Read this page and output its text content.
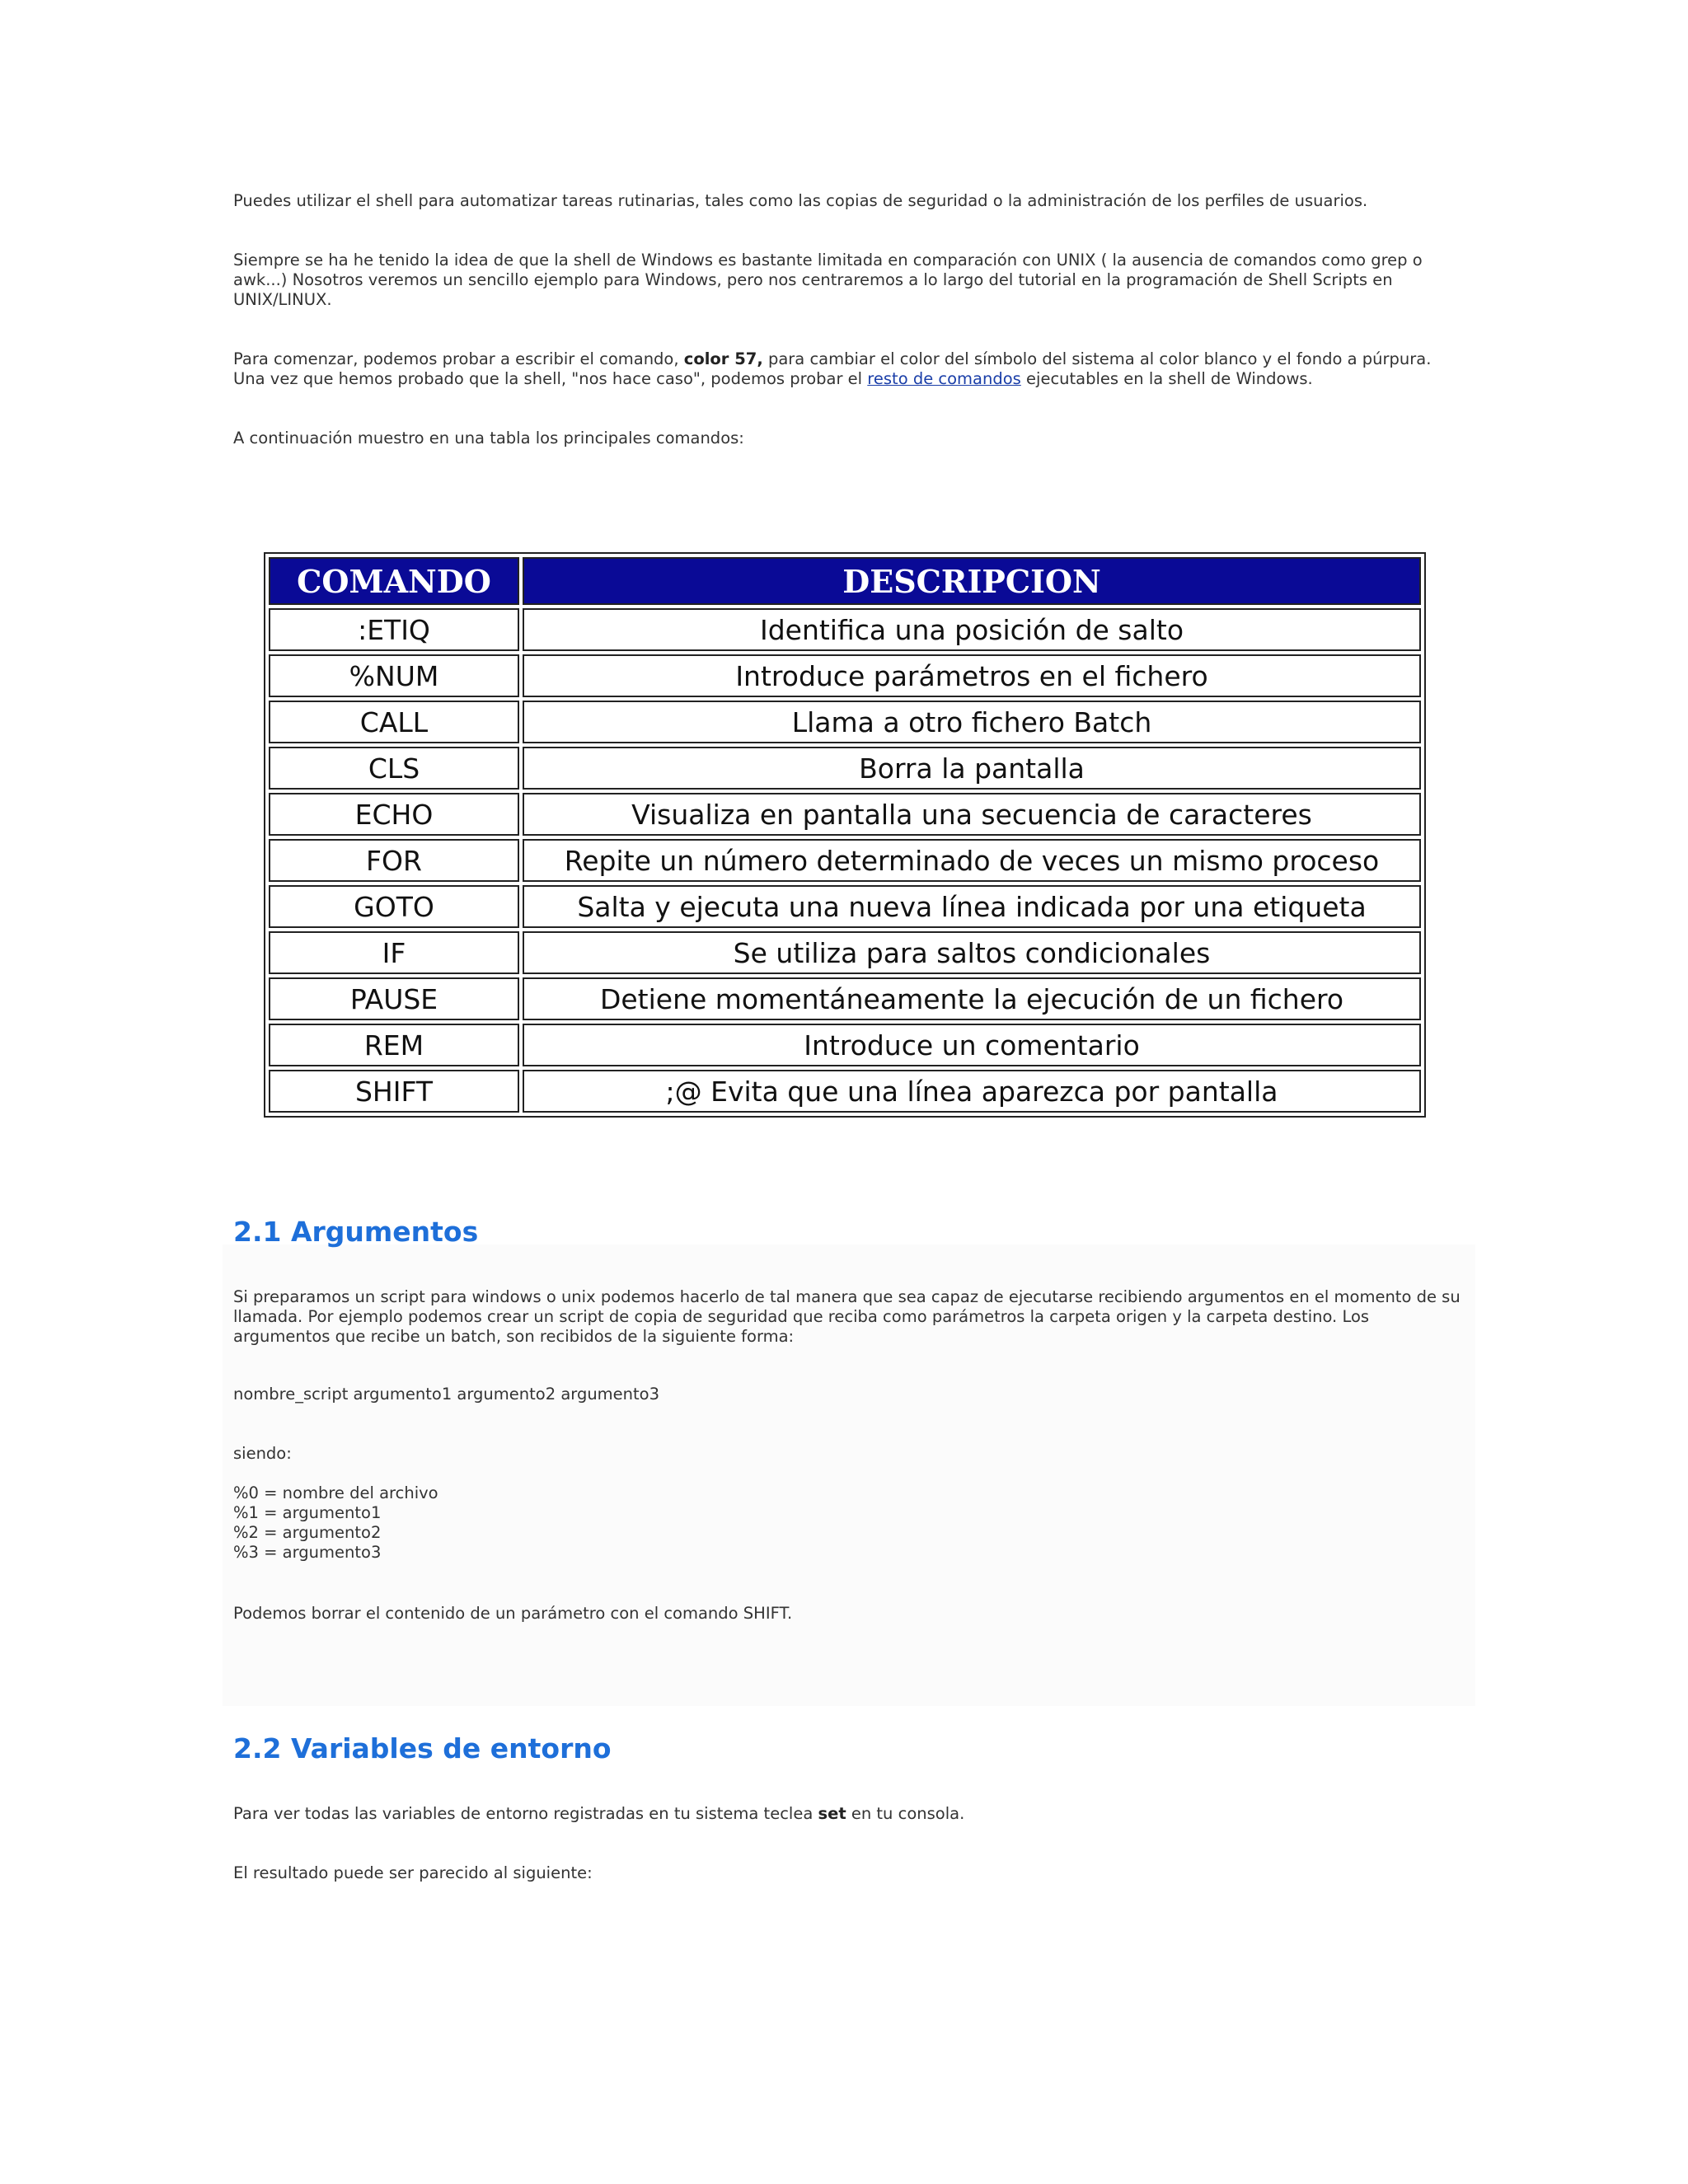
Puedes utilizar el shell para automatizar tareas rutinarias, tales como las copias de seguridad o la administración de los perfiles de usuarios.

Siempre se ha he tenido la idea de que la shell de Windows es bastante limitada en comparación con UNIX ( la ausencia de comandos como grep o awk...) Nosotros veremos un sencillo ejemplo para Windows, pero nos centraremos a lo largo del tutorial en la programación de Shell Scripts en UNIX/LINUX.

Para comenzar, podemos probar a escribir el comando, color 57, para cambiar el color del símbolo del sistema al color blanco y el fondo a púrpura. Una vez que hemos probado que la shell, "nos hace caso", podemos probar el resto de comandos ejecutables en la shell de Windows.

A continuación muestro en una tabla los principales comandos:

COMANDO	DESCRIPCION
:ETIQ	Identifica una posición de salto
%NUM	Introduce parámetros en el fichero
CALL	Llama a otro fichero Batch
CLS	Borra la pantalla
ECHO	Visualiza en pantalla una secuencia de caracteres
FOR	Repite un número determinado de veces un mismo proceso
GOTO	Salta y ejecuta una nueva línea indicada por una etiqueta
IF	Se utiliza para saltos condicionales
PAUSE	Detiene momentáneamente la ejecución de un fichero
REM	Introduce un comentario
SHIFT	;@ Evita que una línea aparezca por pantalla
2.1 Argumentos

Si preparamos un script para windows o unix podemos hacerlo de tal manera que sea capaz de ejecutarse recibiendo argumentos en el momento de su llamada. Por ejemplo podemos crear un script de copia de seguridad que reciba como parámetros la carpeta origen y la carpeta destino. Los argumentos que recibe un batch, son recibidos de la siguiente forma:

nombre_script argumento1 argumento2 argumento3

siendo:

%0 = nombre del archivo
%1 = argumento1
%2 = argumento2
%3 = argumento3

Podemos borrar el contenido de un parámetro con el comando SHIFT.

2.2 Variables de entorno

Para ver todas las variables de entorno registradas en tu sistema teclea set en tu consola.

El resultado puede ser parecido al siguiente:
